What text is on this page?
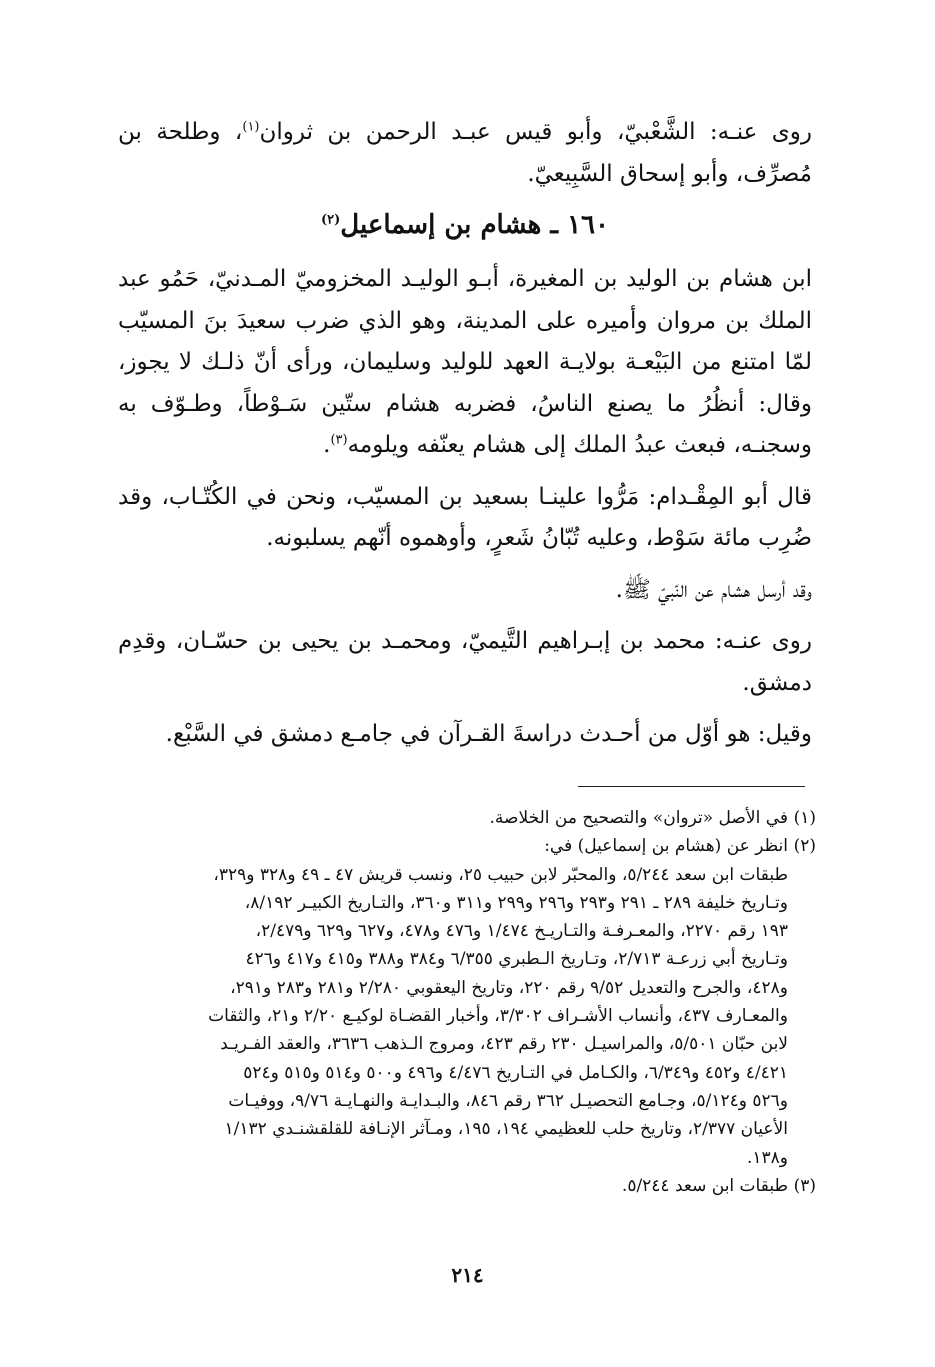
روى عنـه: الشَّعْبيّ، وأبو قيس عبـد الرحمن بن ثروان$^{(١)}$، وطلحة بن مُصرِّف، وأبو إسحاق السَّبِيعيّ.

١٦٠ ـ هشام بن إسماعيل$^{(٢)}$

ابن هشام بن الوليد بن المغيرة، أبـو الوليـد المخزوميّ المـدنيّ، حَمُو عبد الملك بن مروان وأميره على المدينة، وهو الذي ضرب سعيدَ بنَ المسيّب لمّا امتنع من البَيْعـة بولايـة العهد للوليد وسليمان، ورأى أنّ ذلـك لا يجوز، وقال: أنظُرُ ما يصنع الناسُ، فضربه هشام ستّين سَـوْطاً، وطـوّف به وسجنـه، فبعث عبدُ الملك إلى هشام يعنّفه ويلومه$^{(٣)}$.

قال أبو المِقْـدام: مَرُّوا علينـا بسعيد بن المسيّب، ونحن في الكُتّـاب، وقد ضُرِب مائة سَوْط، وعليه تُبّانُ شَعرٍ، وأوهموه أنّهم يسلبونه.

وقد أرسل هشام عن النّبيّ ﷺ.

روى عنـه: محمد بن إبـراهيم التَّيميّ، ومحمـد بن يحيى بن حسّـان، وقدِم دمشق.

وقيل: هو أوّل من أحـدث دراسةَ القـرآن في جامـع دمشق في السَّبْع.

(١)
في الأصل «تروان» والتصحيح من الخلاصة.
(٢)
انظر عن (هشام بن إسماعيل) في:
طبقات ابن سعد ٥/٢٤٤، والمحبّر لابن حبيب ٢٥، ونسب قريش ٤٧ ـ ٤٩ و٣٢٨ و٣٢٩،
وتـاريخ خليفة ٢٨٩ ـ ٢٩١ و٢٩٣ و٢٩٦ و٢٩٩ و٣١١ و٣٦٠، والتـاريخ الكبيـر ٨/١٩٢،
١٩٣ رقم ٢٢٧٠، والمعـرفـة والتـاريـخ ١/٤٧٤ و٤٧٦ و٤٧٨، و٦٢٧ و٦٢٩ و٢/٤٧٩،
وتـاريخ أبي زرعـة ٢/٧١٣، وتـاريخ الـطبري ٦/٣٥٥ و٣٨٤ و٣٨٨ و٤١٥ و٤١٧ و٤٢٦
و٤٢٨، والجرح والتعديل ٩/٥٢ رقم ٢٢٠، وتاريخ اليعقوبي ٢/٢٨٠ و٢٨١ و٢٨٣ و٢٩١،
والمعـارف ٤٣٧، وأنساب الأشـراف ٣/٣٠٢، وأخبار القضـاة لوكيـع ٢/٢٠ و٢١، والثقات
لابن حبّان ٥/٥٠١، والمراسيـل ٢٣٠ رقم ٤٢٣، ومروج الـذهب ٣٦٣٦، والعقد الفـريـد
٤/٤٢١ و٤٥٢ و٦/٣٤٩، والكـامل في التـاريخ ٤/٤٧٦ و٤٩٦ و٥٠٠ و٥١٤ و٥١٥ و٥٢٤
و٥٢٦ و٥/١٢٤، وجـامع التحصيـل ٣٦٢ رقم ٨٤٦، والبـدايـة والنهـايـة ٩/٧٦، ووفيـات
الأعيان ٢/٣٧٧، وتاريخ حلب للعظيمي ١٩٤، ١٩٥، ومـآثر الإنـافة للقلقشنـدي ١/١٣٢
و١٣٨.
(٣)
طبقات ابن سعد ٥/٢٤٤.
٢١٤
